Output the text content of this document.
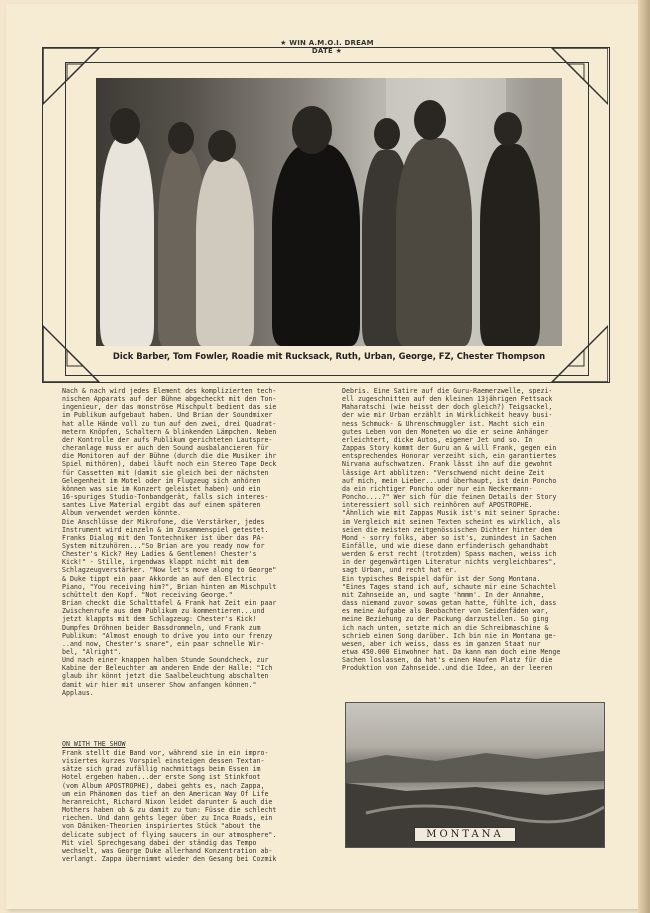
★ WIN A.M.O.I. DREAM DATE ★
Dick Barber, Tom Fowler, Roadie mit Rucksack, Ruth, Urban, George, FZ, Chester Thompson
Nach & nach wird jedes Element des komplizierten tech-
nischen Apparats auf der Bühne abgecheckt mit den Ton-
ingenieur, der das monströse Mischpult bedient das sie
im Publikum aufgebaut haben. Und Brian der Soundmixer
hat alle Hände voll zu tun auf den zwei, drei Quadrat-
metern Knöpfen, Schaltern & blinkenden Lämpchen. Neben
der Kontrolle der aufs Publikum gerichteten Lautspre-
cheranlage muss er auch den Sound ausbalancieren für
die Monitoren auf der Bühne (durch die die Musiker ihr
Spiel mithören), dabei läuft noch ein Stereo Tape Deck
für Cassetten mit (damit sie gleich bei der nächsten
Gelegenheit im Motel oder im Flugzeug sich anhören
können was sie im Konzert geleistet haben) und ein
16-spuriges Studio-Tonbandgerät, falls sich interes-
santes Live Material ergibt das auf einem späteren
Album verwendet werden könnte.
Die Anschlüsse der Mikrofone, die Verstärker, jedes
Instrument wird einzeln & im Zusammenspiel getestet.
Franks Dialog mit den Tontechniker ist über das PA-
System mitzuhören..."So Brian are you ready now for
Chester's Kick? Hey Ladies & Gentlemen! Chester's
Kick!" - Stille, irgendwas klappt nicht mit dem
Schlagzeugverstärker. "Now let's move along to George"
& Duke tippt ein paar Akkorde an auf den Electric
Piano, "You receiving him?", Brian hinten am Mischpult
schüttelt den Kopf. "Not receiving George."
Brian checkt die Schalttafel & Frank hat Zeit ein paar
Zwischenrufe aus dem Publikum zu kommentieren...und
jetzt klappts mit dem Schlagzeug: Chester's Kick!
Dumpfes Dröhnen beider Bassdrommeln, und Frank zum
Publikum: "Almost enough to drive you into our frenzy
..and now, Chester's snare", ein paar schnelle Wir-
bel, "Alright".
Und nach einer knappen halben Stunde Soundcheck, zur
Kabine der Beleuchter am anderen Ende der Halle: "Ich
glaub ihr könnt jetzt die Saalbeleuchtung abschalten
damit wir hier mit unserer Show anfangen können."
Applaus.
ON WITH THE SHOW
Frank stellt die Band vor, während sie in ein impro-
visiertes kurzes Vorspiel einsteigen dessen Textan-
sätze sich grad zufällig nachmittags beim Essen im
Hotel ergeben haben...der erste Song ist Stinkfoot
(vom Album APOSTROPHE), dabei gehts es, nach Zappa,
um ein Phänomen das tief an den American Way Of Life
heranreicht, Richard Nixon leidet darunter & auch die
Mothers haben ob & zu damit zu tun: Füsse die schlecht
riechen. Und dann gehts leger über zu Inca Roads, ein
von Däniken-Theorien inspiriertes Stück "about the
delicate subject of flying saucers in our atmosphere".
Mit viel Sprechgesang dabei der ständig das Tempo
wechselt, was George Duke allerhand Konzentration ab-
verlangt. Zappa übernimmt wieder den Gesang bei Cozmik
Debris. Eine Satire auf die Guru-Raemerzwelle, spezi-
ell zugeschnitten auf den kleinen 13jährigen Fettsack
Maharatschi (wie heisst der doch gleich?) Teigsackel,
der wie mir Urban erzählt in Wirklichkeit heavy busi-
ness Schmuck- & Uhrenschmuggler ist. Macht sich ein
gutes Leben von den Moneten wo die er seine Anhänger
erleichtert, dicke Autos, eigener Jet und so. In
Zappas Story kommt der Guru an & will Frank, gegen ein
entsprechendes Honorar verzeiht sich, ein garantiertes
Nirvana aufschwatzen. Frank lässt ihn auf die gewohnt
lässige Art abblitzen: "Verschwend nicht deine Zeit
auf mich, mein Lieber...und überhaupt, ist dein Poncho
da ein richtiger Poncho oder nur ein Neckermann-
Poncho....?" Wer sich für die feinen Details der Story
interessiert soll sich reinhören auf APOSTROPHE.
"Ähnlich wie mit Zappas Musik ist's mit seiner Sprache:
im Vergleich mit seinen Texten scheint es wirklich, als
seien die meisten zeitgenössischen Dichter hinter dem
Mond - sorry folks, aber so ist's, zumindest in Sachen
Einfälle, und wie diese dann erfinderisch gehandhabt
werden & erst recht (trotzdem) Spass machen, weiss ich
in der gegenwärtigen Literatur nichts vergleichbares",
sagt Urban, und recht hat er.
Ein typisches Beispiel dafür ist der Song Montana.
"Eines Tages stand ich auf, schaute mir eine Schachtel
mit Zahnseide an, und sagte 'hmmm'. In der Annahme,
dass niemand zuvor sowas getan hatte, fühlte ich, dass
es meine Aufgabe als Beobachter von Seidenfäden war,
meine Beziehung zu der Packung darzustellen. So ging
ich nach unten, setzte mich an die Schreibmaschine &
schrieb einen Song darüber. Ich bin nie in Montana ge-
wesen, aber ich weiss, dass es im ganzen Staat nur
etwa 450.000 Einwohner hat. Da kann man doch eine Menge
Sachen loslassen, da hat's einen Haufen Platz für die
Produktion von Zahnseide..und die Idee, an der leeren
MONTANA
